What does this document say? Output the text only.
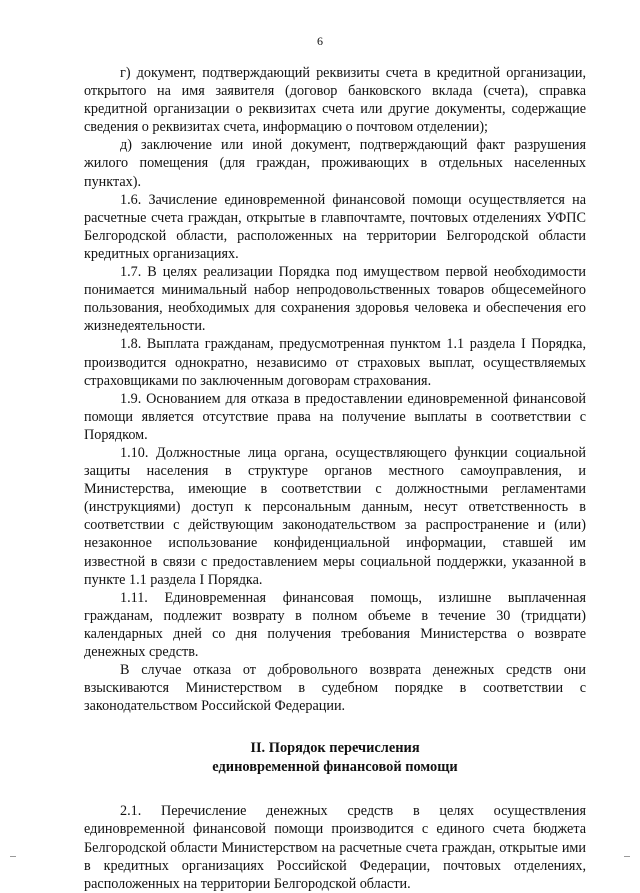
6

г) документ, подтверждающий реквизиты счета в кредитной организации, открытого на имя заявителя (договор банковского вклада (счета), справка кредитной организации о реквизитах счета или другие документы, содержащие сведения о реквизитах счета, информацию о почтовом отделении);

д) заключение или иной документ, подтверждающий факт разрушения жилого помещения (для граждан, проживающих в отдельных населенных пунктах).

1.6. Зачисление единовременной финансовой помощи осуществляется на расчетные счета граждан, открытые в главпочтамте, почтовых отделениях УФПС Белгородской области, расположенных на территории Белгородской области кредитных организациях.

1.7. В целях реализации Порядка под имуществом первой необходимости понимается минимальный набор непродовольственных товаров общесемейного пользования, необходимых для сохранения здоровья человека и обеспечения его жизнедеятельности.

1.8. Выплата гражданам, предусмотренная пунктом 1.1 раздела I Порядка, производится однократно, независимо от страховых выплат, осуществляемых страховщиками по заключенным договорам страхования.

1.9. Основанием для отказа в предоставлении единовременной финансовой помощи является отсутствие права на получение выплаты в соответствии с Порядком.

1.10. Должностные лица органа, осуществляющего функции социальной защиты населения в структуре органов местного самоуправления, и Министерства, имеющие в соответствии с должностными регламентами (инструкциями) доступ к персональным данным, несут ответственность в соответствии с действующим законодательством за распространение и (или) незаконное использование конфиденциальной информации, ставшей им известной в связи с предоставлением меры социальной поддержки, указанной в пункте 1.1 раздела I Порядка.

1.11. Единовременная финансовая помощь, излишне выплаченная гражданам, подлежит возврату в полном объеме в течение 30 (тридцати) календарных дней со дня получения требования Министерства о возврате денежных средств.

В случае отказа от добровольного возврата денежных средств они взыскиваются Министерством в судебном порядке в соответствии с законодательством Российской Федерации.

II. Порядок перечисления
единовременной финансовой помощи

2.1. Перечисление денежных средств в целях осуществления единовременной финансовой помощи производится с единого счета бюджета Белгородской области Министерством на расчетные счета граждан, открытые ими в кредитных организациях Российской Федерации, почтовых отделениях, расположенных на территории Белгородской области.
